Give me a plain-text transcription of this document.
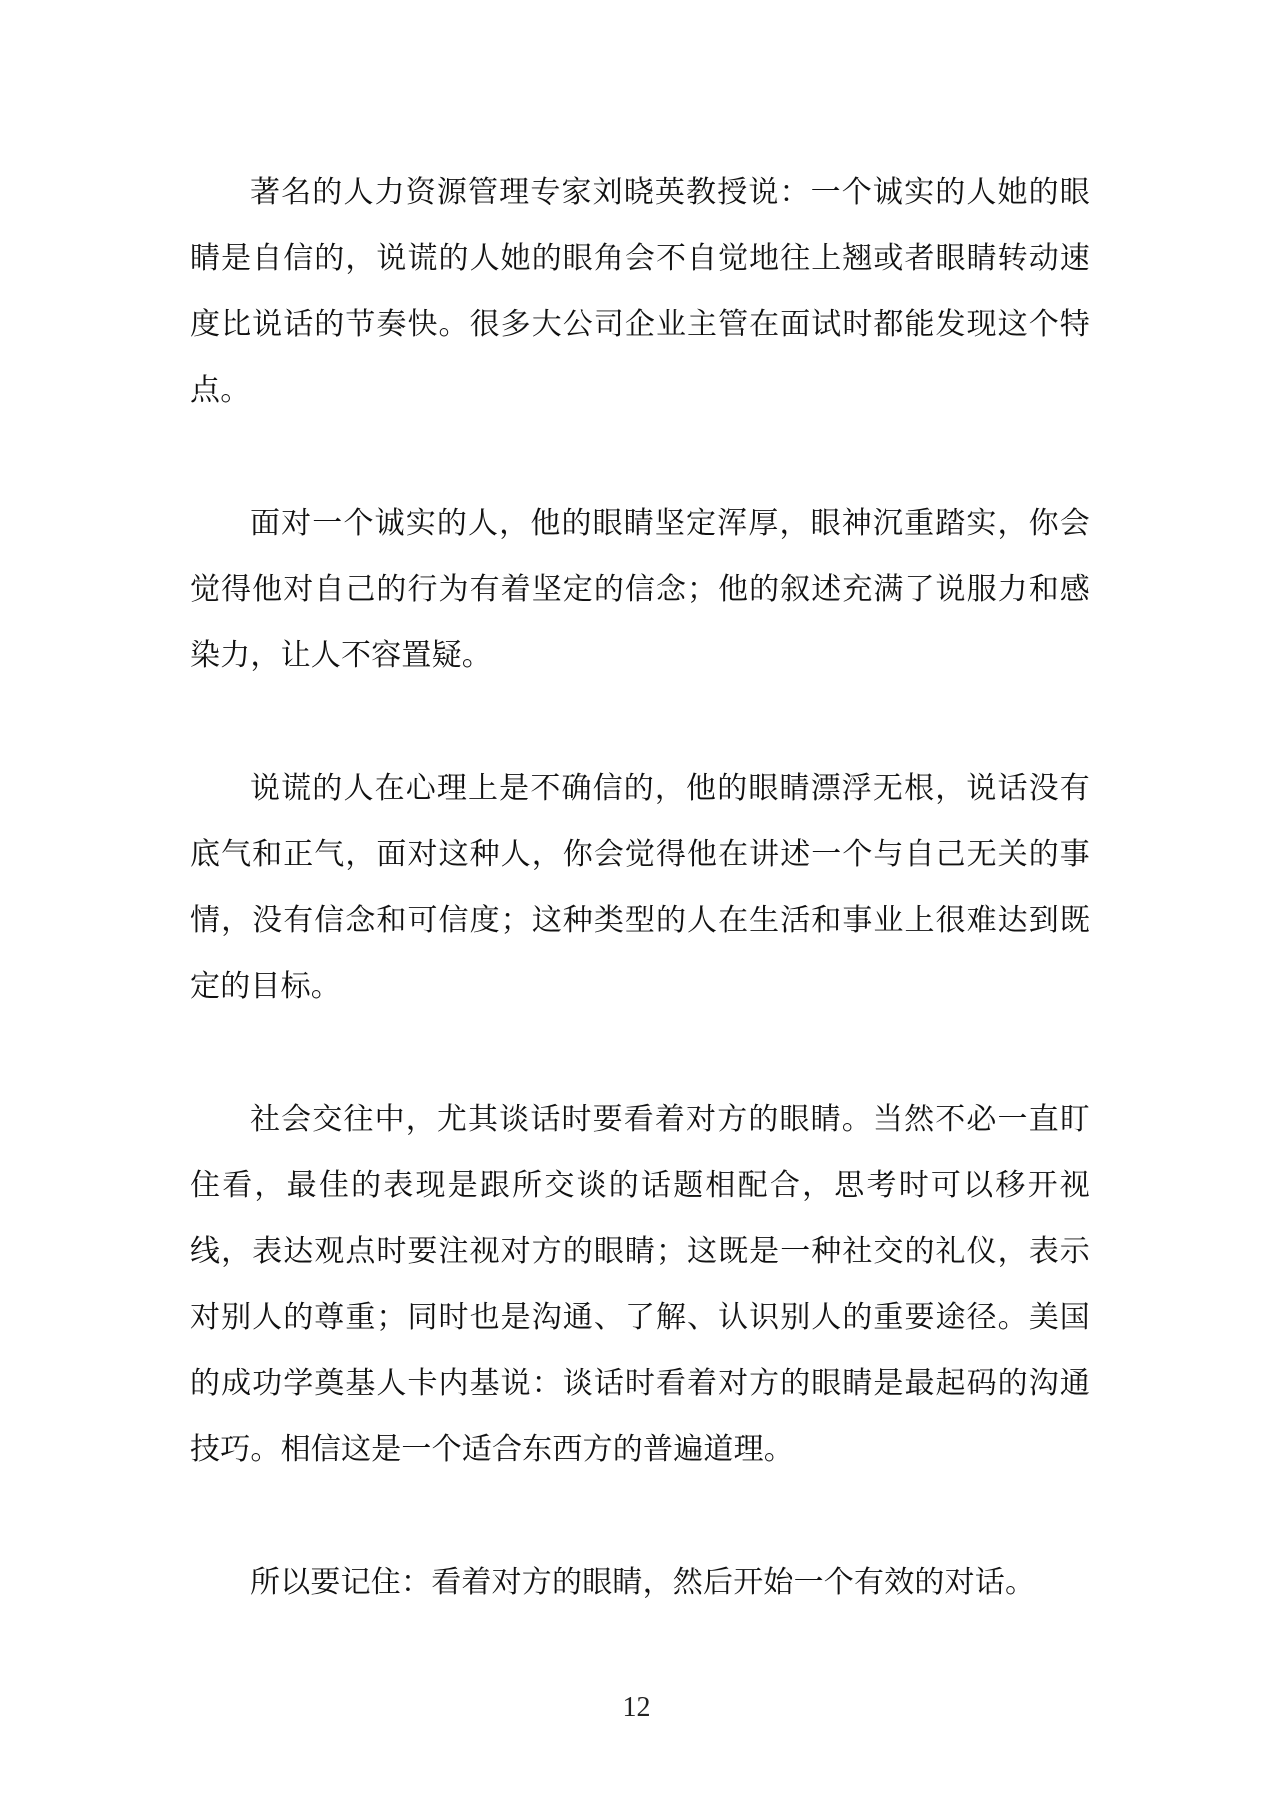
著名的人力资源管理专家刘晓英教授说：一个诚实的人她的眼睛是自信的，说谎的人她的眼角会不自觉地往上翘或者眼睛转动速度比说话的节奏快。很多大公司企业主管在面试时都能发现这个特点。

面对一个诚实的人，他的眼睛坚定浑厚，眼神沉重踏实，你会觉得他对自己的行为有着坚定的信念；他的叙述充满了说服力和感染力，让人不容置疑。

说谎的人在心理上是不确信的，他的眼睛漂浮无根，说话没有底气和正气，面对这种人，你会觉得他在讲述一个与自己无关的事情，没有信念和可信度；这种类型的人在生活和事业上很难达到既定的目标。

社会交往中，尤其谈话时要看着对方的眼睛。当然不必一直盯住看，最佳的表现是跟所交谈的话题相配合，思考时可以移开视线，表达观点时要注视对方的眼睛；这既是一种社交的礼仪，表示对别人的尊重；同时也是沟通、了解、认识别人的重要途径。美国的成功学奠基人卡内基说：谈话时看着对方的眼睛是最起码的沟通技巧。相信这是一个适合东西方的普遍道理。

所以要记住：看着对方的眼睛，然后开始一个有效的对话。

12
